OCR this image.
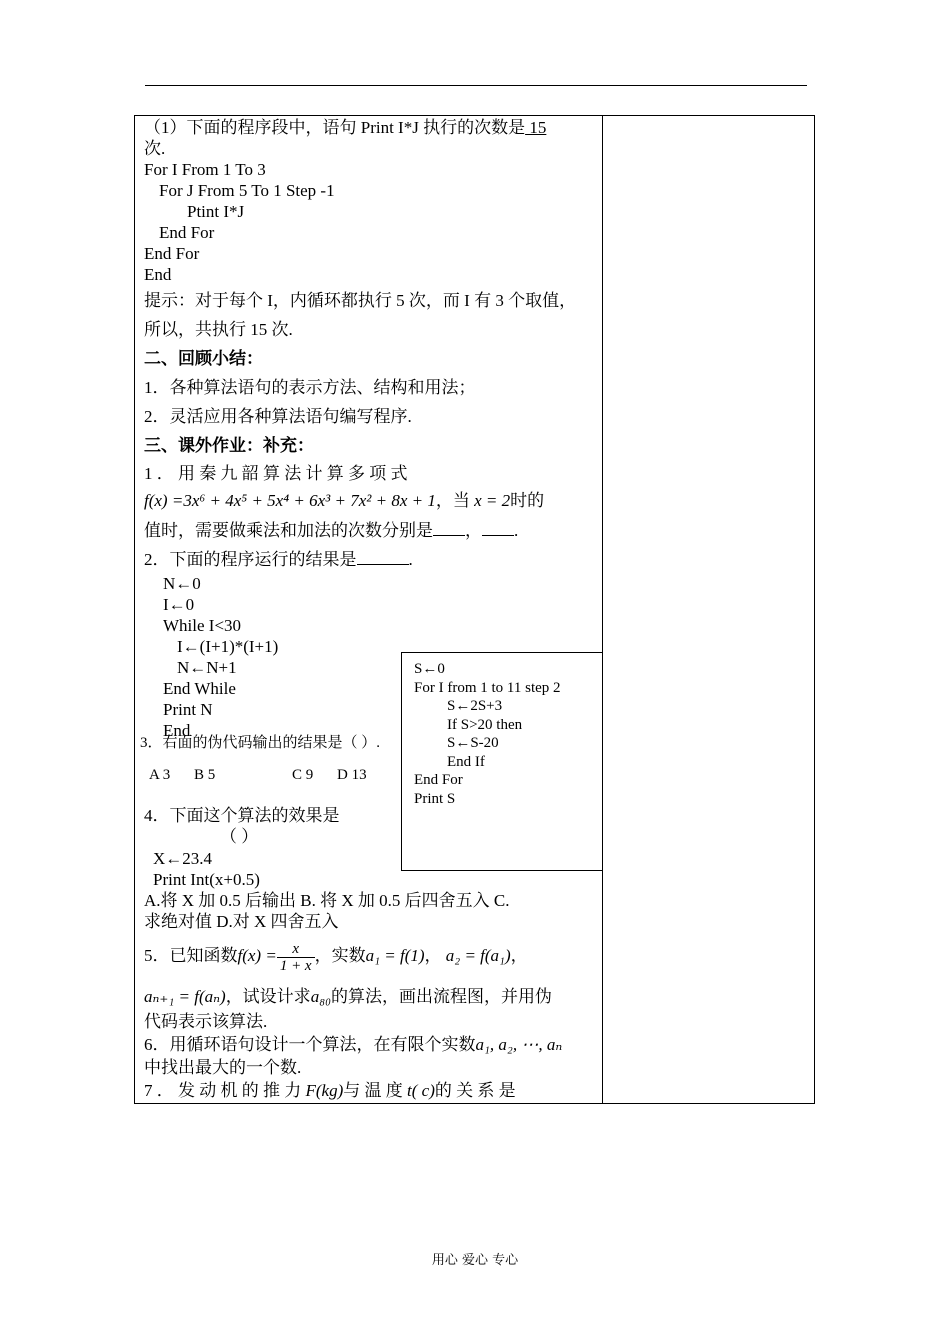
（1）下面的程序段中，语句 Print I*J 执行的次数是 15
次.
For I From 1 To 3
For J From 5 To 1 Step -1
Ptint I*J
End For
End For
End
提示：对于每个 I，内循环都执行 5 次，而 I 有 3 个取值，
所以，共执行 15 次.
二、回顾小结：
1．各种算法语句的表示方法、结构和用法；
2．灵活应用各种算法语句编写程序.
三、课外作业：补充：
1 ． 用 秦 九 韶 算 法 计 算 多 项 式
f(x) =3x⁶ + 4x⁵ + 5x⁴ + 6x³ + 7x² + 8x + 1，当 x = 2时的
值时，需要做乘法和加法的次数分别是 ， .
2．下面的程序运行的结果是	.
N←0
I←0
While I<30
I←(I+1)*(I+1)
N←N+1
End While
Print N
End
3．右面的伪代码输出的结果是（ ）.
A 3 B 5	C 9 D 13
4．下面这个算法的效果是
（ ）
X←23.4
Print Int(x+0.5)
A.将 X 加 0.5 后输出 B. 将 X 加 0.5 后四舍五入 C.
求绝对值 D.对 X 四舍五入
5．已知函数$f(x) = \frac{x}{1 + x}$ ，实数a₁ = f(1)， a₂ = f(a₁)，
aₙ₊₁ = f(aₙ)，试设计求a₈₀的算法，画出流程图，并用伪
代码表示该算法.
6．用循环语句设计一个算法，在有限个实数a₁, a₂, ⋯, aₙ
中找出最大的一个数.
7 ． 发 动 机 的 推 力 F(kg)与 温 度 t( c)的 关 系 是
S←0
For I from 1 to 11 step 2
S←2S+3
If S>20 then
S←S-20
End If
End For
Print S
用心 爱心 专心
